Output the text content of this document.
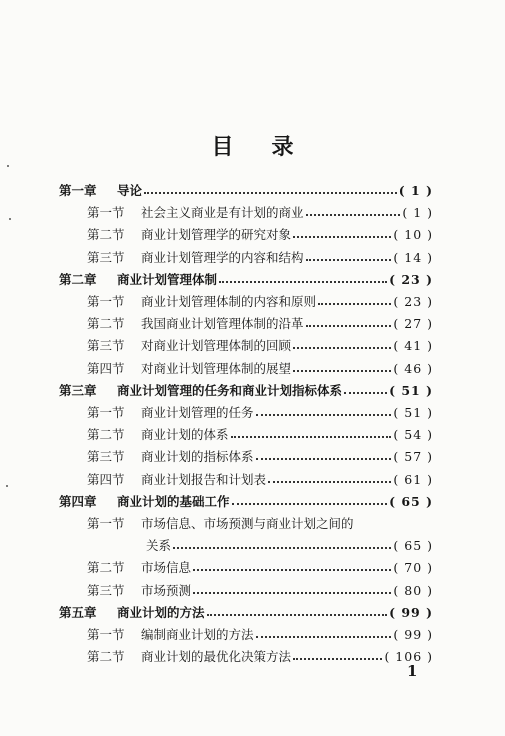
目录
第一章	导论	( 1 )
第一节	社会主义商业是有计划的商业	( 1 )
第二节	商业计划管理学的研究对象	( 10 )
第三节	商业计划管理学的内容和结构	( 14 )
第二章	商业计划管理体制	( 23 )
第一节	商业计划管理体制的内容和原则	( 23 )
第二节	我国商业计划管理体制的沿革	( 27 )
第三节	对商业计划管理体制的回顾	( 41 )
第四节	对商业计划管理体制的展望	( 46 )
第三章	商业计划管理的任务和商业计划指标体系	( 51 )
第一节	商业计划管理的任务	( 51 )
第二节	商业计划的体系	( 54 )
第三节	商业计划的指标体系	( 57 )
第四节	商业计划报告和计划表	( 61 )
第四章	商业计划的基础工作	( 65 )
第一节	市场信息、市场预测与商业计划之间的
关系	( 65 )
第二节	市场信息	( 70 )
第三节	市场预测	( 80 )
第五章	商业计划的方法	( 99 )
第一节	编制商业计划的方法	( 99 )
第二节	商业计划的最优化决策方法	( 106 )
1
